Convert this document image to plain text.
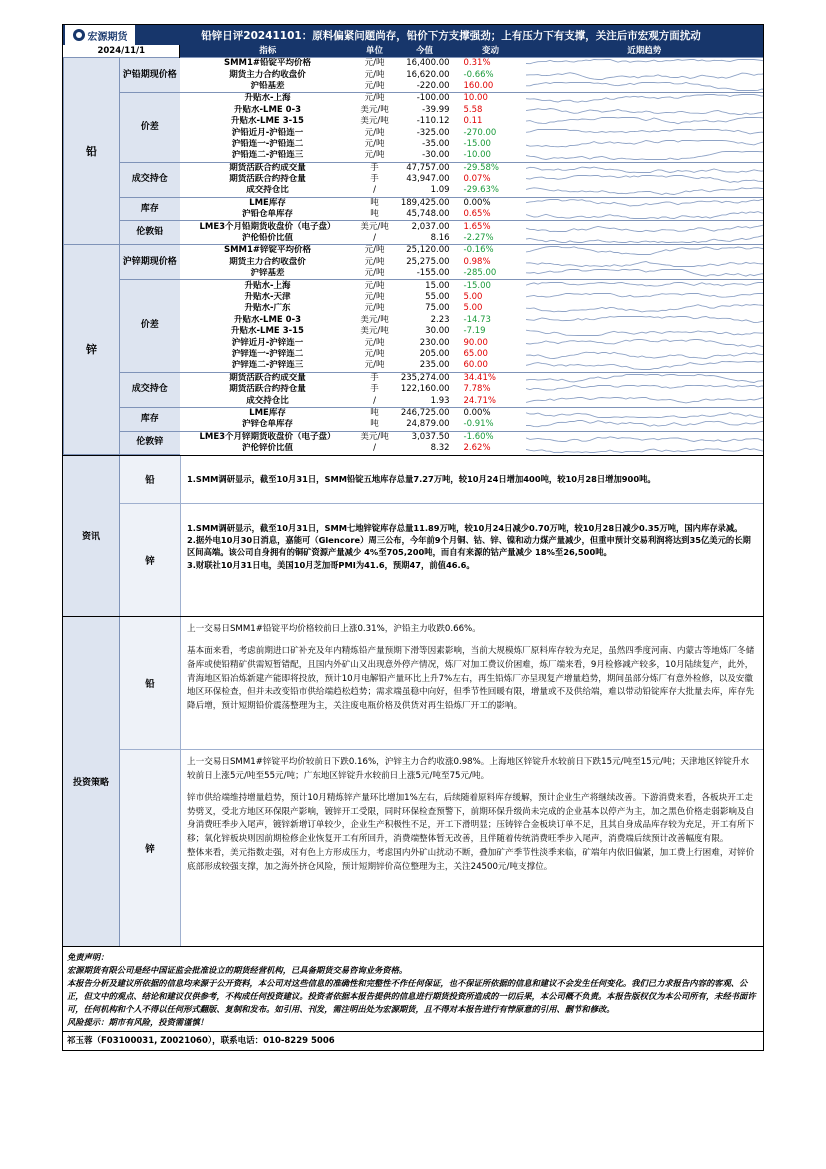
宏源期货	铅锌日评20241101：原料偏紧问题尚存，铅价下方支撑强劲；上有压力下有支撑，关注后市宏观方面扰动
2024/11/1		指标	单位	今值	变动	近期趋势
铅	沪铅期现价格	SMM1#铅锭平均价格	元/吨	16,400.00	0.31%	

		期货主力合约收盘价	元/吨	16,620.00	-0.66%	

		沪铅基差	元/吨	-220.00	160.00	

	价差	升贴水-上海	元/吨	-100.00	10.00	

		升贴水-LME 0-3	美元/吨	-39.99	5.58	

		升贴水-LME 3-15	美元/吨	-110.12	0.11	

		沪铅近月-沪铅连一	元/吨	-325.00	-270.00	

		沪铅连一-沪铅连二	元/吨	-35.00	-15.00	

		沪铅连二-沪铅连三	元/吨	-30.00	-10.00	

	成交持仓	期货活跃合约成交量	手	47,757.00	-29.58%	

		期货活跃合约持仓量	手	43,947.00	0.07%	

		成交持仓比	/	1.09	-29.63%	

	库存	LME库存	吨	189,425.00	0.00%	

		沪铅仓单库存	吨	45,748.00	0.65%	

	伦敦铅	LME3个月铅期货收盘价（电子盘）	美元/吨	2,037.00	1.65%	

		沪伦铅价比值	/	8.16	-2.27%	

锌	沪锌期现价格	SMM1#锌锭平均价格	元/吨	25,120.00	-0.16%	

		期货主力合约收盘价	元/吨	25,275.00	0.98%	

		沪锌基差	元/吨	-155.00	-285.00	

	价差	升贴水-上海	元/吨	15.00	-15.00	

		升贴水-天津	元/吨	55.00	5.00	

		升贴水-广东	元/吨	75.00	5.00	

		升贴水-LME 0-3	美元/吨	2.23	-14.73	

		升贴水-LME 3-15	美元/吨	30.00	-7.19	

		沪锌近月-沪锌连一	元/吨	230.00	90.00	

		沪锌连一-沪锌连二	元/吨	205.00	65.00	

		沪锌连二-沪锌连三	元/吨	235.00	60.00	

	成交持仓	期货活跃合约成交量	手	235,274.00	34.41%	

		期货活跃合约持仓量	手	122,160.00	7.78%	

		成交持仓比	/	1.93	24.71%	

	库存	LME库存	吨	246,725.00	0.00%	

		沪锌仓单库存	吨	24,879.00	-0.91%	

	伦敦锌	LME3个月锌期货收盘价（电子盘）	美元/吨	3,037.50	-1.60%	

		沪伦锌价比值	/	8.32	2.62%	
资讯
铅	1.SMM调研显示，截至10月31日，SMM铅锭五地库存总量7.27万吨，较10月24日增加400吨，较10月28日增加900吨。
锌
1.SMM调研显示，截至10月31日，SMM七地锌锭库存总量11.89万吨，较10月24日减少0.70万吨，较10月28日减少0.35万吨，国内库存录减。
2.据外电10月30日消息，嘉能可（Glencore）周三公布，今年前9个月铜、钴、锌、镍和动力煤产量减少，但重申预计交易利润将达到35亿美元的长期区间高端。该公司自身拥有的铜矿资源产量减少 4%至705,200吨，而自有来源的钴产量减少 18%至26,500吨。
3.财联社10月31日电，美国10月芝加哥PMI为41.6，预期47，前值46.6。
投资策略
铅

上一交易日SMM1#铅锭平均价格较前日上涨0.31%，沪铅主力收跌0.66%。

基本面来看，考虑前期进口矿补充及年内精炼铅产量预期下滑等因素影响，当前大规模炼厂原料库存较为充足，虽然四季度河南、内蒙古等地炼厂冬储备库或使铅精矿供需短暂错配，且国内外矿山又出现意外停产情况，炼厂对加工费议价困难，炼厂端来看，9月检修减产较多，10月陆续复产，此外，青海地区铅冶炼新建产能即将投放，预计10月电解铅产量环比上升7%左右，再生铅炼厂亦呈现复产增量趋势，期间虽部分炼厂有意外检修，以及安徽地区环保检查，但并未改变铅市供给端趋松趋势；需求端虽稳中向好，但季节性回暖有限，增量或不及供给端，难以带动铅锭库存大批量去库，库存先降后增，预计短期铅价震荡整理为主，关注废电瓶价格及供货对再生铅炼厂开工的影响。

锌

上一交易日SMM1#锌锭平均价较前日下跌0.16%，沪锌主力合约收涨0.98%。上海地区锌锭升水较前日下跌15元/吨至15元/吨；天津地区锌锭升水较前日上涨5元/吨至55元/吨；广东地区锌锭升水较前日上涨5元/吨至75元/吨。

锌市供给端维持增量趋势，预计10月精炼锌产量环比增加1%左右，后续随着原料库存缓解，预计企业生产将继续改善。下游消费来看，各板块开工走势劈叉，受北方地区环保限产影响，镀锌开工受限，同时环保检查预警下，前期环保升级尚未完成的企业基本以停产为主，加之黑色价格走弱影响及自身消费旺季步入尾声，镀锌新增订单较少，企业生产积极性不足，开工下滑明显；压铸锌合金板块订单不足，且其自身成品库存较为充足，开工有所下移；氧化锌板块则因前期检修企业恢复开工有所回升，消费端整体暂无改善，且伴随着传统消费旺季步入尾声，消费端后续预计改善幅度有限。
整体来看，美元指数走强，对有色上方形成压力，考虑国内外矿山扰动不断，叠加矿产季节性淡季来临，矿端年内依旧偏紧，加工费上行困难，对锌价底部形成较强支撑，加之海外挤仓风险，预计短期锌价高位整理为主，关注24500元/吨支撑位。

免责声明：
宏源期货有限公司是经中国证监会批准设立的期货经营机构，已具备期货交易咨询业务资格。
本报告分析及建议所依据的信息均来源于公开资料，本公司对这些信息的准确性和完整性不作任何保证，也不保证所依据的信息和建议不会发生任何变化。我们已力求报告内容的客观、公正，但文中的观点、结论和建议仅供参考，不构成任何投资建议。投资者依据本报告提供的信息进行期货投资所造成的一切后果，本公司概不负责。本报告版权仅为本公司所有，未经书面许可，任何机构和个人不得以任何形式翻版、复制和发布。如引用、刊发，需注明出处为宏源期货，且不得对本报告进行有悖原意的引用、删节和修改。
风险提示：期市有风险，投资需谨慎！
祁玉蓉（F03100031, Z0021060），联系电话：010-8229 5006
